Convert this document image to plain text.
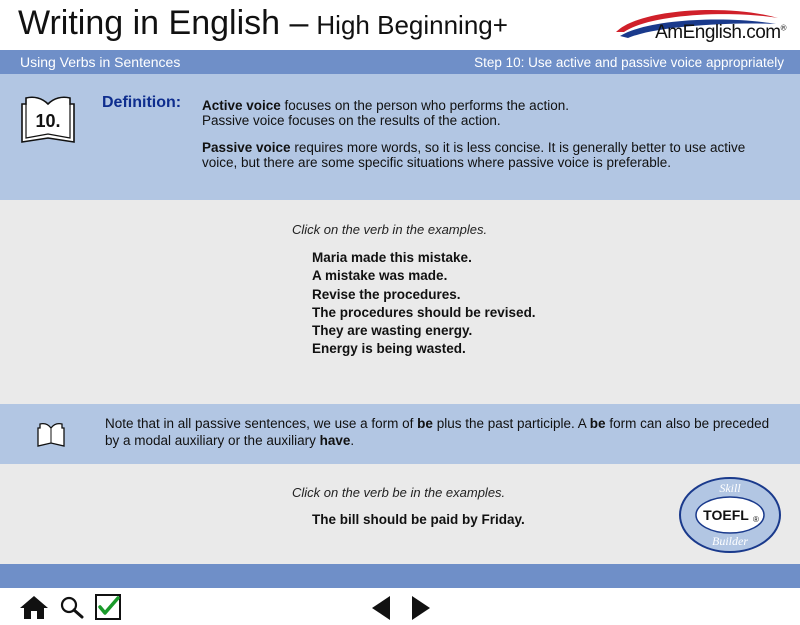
Writing in English – High Beginning+	AmEnglish.com®
Using Verbs in Sentences	Step 10: Use active and passive voice appropriately
10.
Definition: Active voice focuses on the person who performs the action.
Passive voice focuses on the results of the action.
Passive voice requires more words, so it is less concise. It is generally better to use active voice, but there are some specific situations where passive voice is preferable.
Click on the verb in the examples.
Maria made this mistake.
A mistake was made.
Revise the procedures.
The procedures should be revised.
They are wasting energy.
Energy is being wasted.
Note that in all passive sentences, we use a form of be plus the past participle. A be form can also be preceded by a modal auxiliary or the auxiliary have.
Click on the verb be in the examples.
The bill should be paid by Friday.
Skill
TOEFL ®
Builder
